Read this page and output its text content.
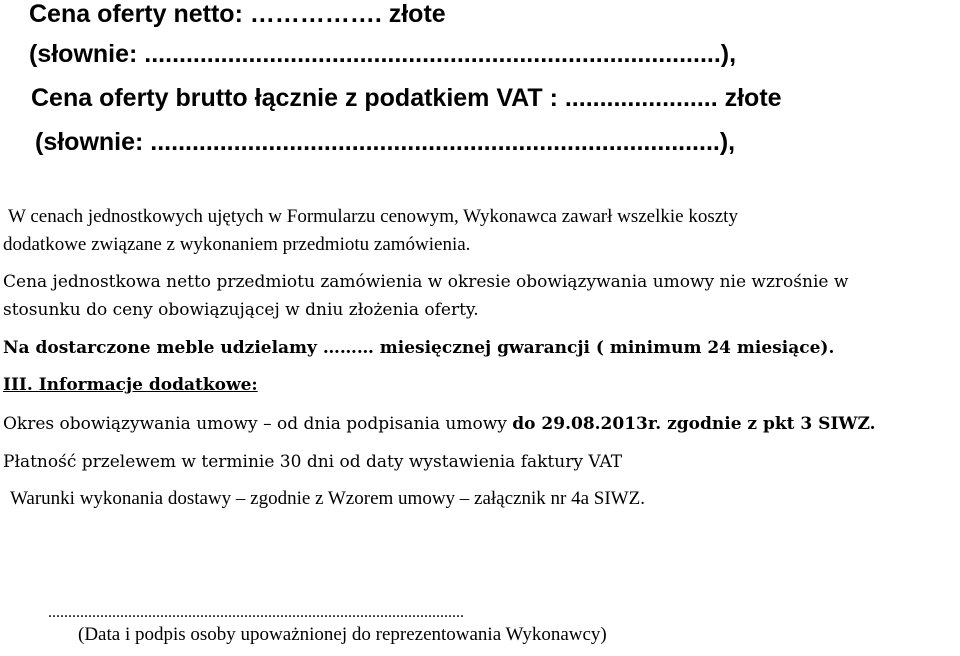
Cena oferty netto: ……………. złote
(słownie: ...................................................................................),
Cena oferty brutto łącznie z podatkiem VAT : ...................... złote
(słownie: ..................................................................................),
W cenach jednostkowych ujętych w Formularzu cenowym, Wykonawca zawarł wszelkie koszty
dodatkowe związane z wykonaniem przedmiotu zamówienia.
Cena jednostkowa netto przedmiotu zamówienia w okresie obowiązywania umowy nie wzrośnie w
stosunku do ceny obowiązującej w dniu złożenia oferty.
Na dostarczone meble udzielamy ……… miesięcznej gwarancji ( minimum 24 miesiące).
III. Informacje dodatkowe:
Okres obowiązywania umowy – od dnia podpisania umowy do 29.08.2013r. zgodnie z pkt 3 SIWZ.
Płatność przelewem w terminie 30 dni od daty wystawienia faktury VAT
Warunki wykonania dostawy – zgodnie z Wzorem umowy – załącznik nr 4a SIWZ.
........................................................................................................
(Data i podpis osoby upoważnionej do reprezentowania Wykonawcy)
